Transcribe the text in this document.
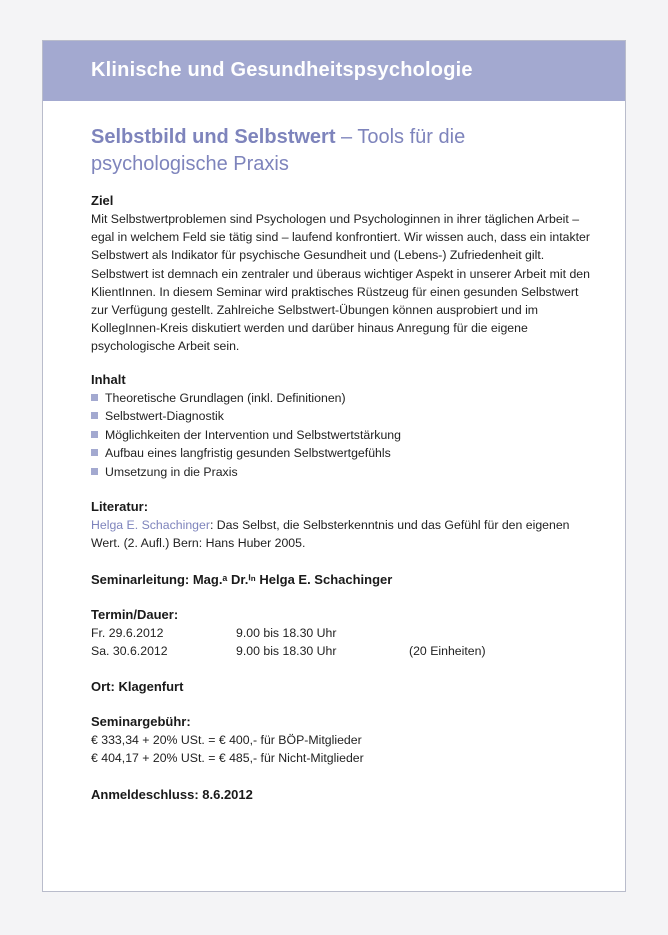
Klinische und Gesundheitspsychologie
Selbstbild und Selbstwert – Tools für die
psychologische Praxis
Ziel

Mit Selbstwertproblemen sind Psychologen und Psychologinnen in ihrer täglichen Arbeit – egal in welchem Feld sie tätig sind – laufend konfrontiert. Wir wissen auch, dass ein intakter Selbstwert als Indikator für psychische Gesundheit und (Lebens-) Zufriedenheit gilt. Selbstwert ist demnach ein zentraler und überaus wichtiger Aspekt in unserer Arbeit mit den KlientInnen. In diesem Seminar wird praktisches Rüstzeug für einen gesunden Selbstwert zur Verfügung gestellt. Zahlreiche Selbstwert-Übungen können ausprobiert und im KollegInnen-Kreis diskutiert werden und darüber hinaus Anregung für die eigene psychologische Arbeit sein.

Inhalt
Theoretische Grundlagen (inkl. Definitionen)
Selbstwert-Diagnostik
Möglichkeiten der Intervention und Selbstwertstärkung
Aufbau eines langfristig gesunden Selbstwertgefühls
Umsetzung in die Praxis
Literatur:

Helga E. Schachinger: Das Selbst, die Selbsterkenntnis und das Gefühl für den eigenen Wert. (2. Aufl.) Bern: Hans Huber 2005.

Seminarleitung: Mag.ᵃ Dr.ⁱⁿ Helga E. Schachinger
Termin/Dauer:
Fr. 29.6.2012	9.00 bis 18.30 Uhr
Sa. 30.6.2012	9.00 bis 18.30 Uhr	(20 Einheiten)
Ort: Klagenfurt
Seminargebühr:

€ 333,34 + 20% USt. = € 400,- für BÖP-Mitglieder

€ 404,17 + 20% USt. = € 485,- für Nicht-Mitglieder

Anmeldeschluss: 8.6.2012
